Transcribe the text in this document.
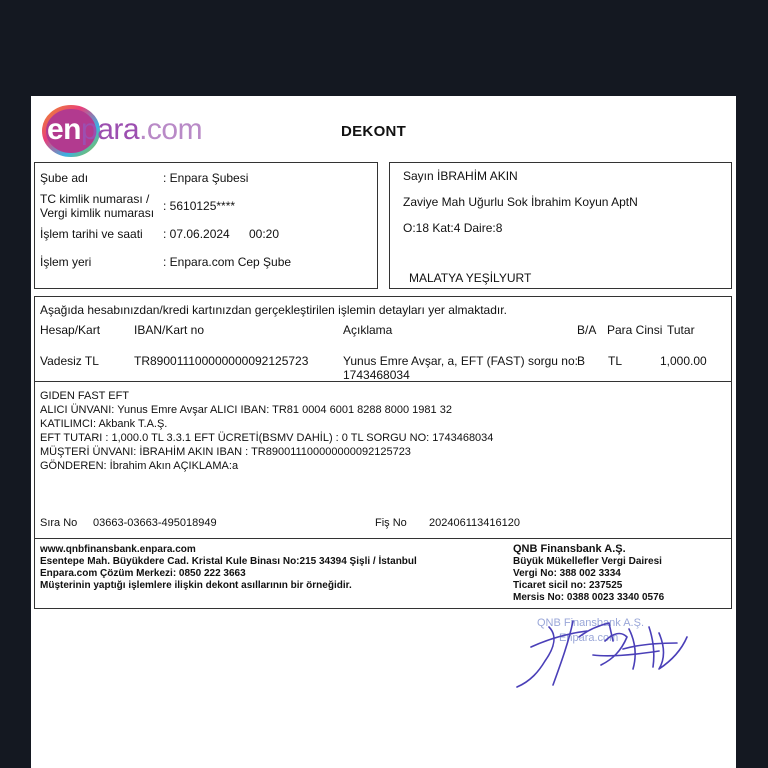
enpara.com	DEKONT
Şube adı	: Enpara Şubesi
TC kimlik numarası /
Vergi kimlik numarası : 5610125****
İşlem tarihi ve saati : 07.06.2024 00:20
İşlem yeri	: Enpara.com Cep Şube
Sayın İBRAHİM AKIN
Zaviye Mah Uğurlu Sok İbrahim Koyun AptN
O:18 Kat:4 Daire:8
MALATYA YEŞİLYURT
Aşağıda hesabınızdan/kredi kartınızdan gerçekleştirilen işlemin detayları yer almaktadır.
Hesap/Kart	IBAN/Kart no	Açıklama	B/A Para Cinsi Tutar
Vadesiz TL	TR890011100000000092125723	Yunus Emre Avşar, a, EFT (FAST) sorgu no:
1743468034
B TL	1,000.00
GIDEN FAST EFT
ALICI ÜNVANI: Yunus Emre Avşar ALICI IBAN: TR81 0004 6001 8288 8000 1981 32
KATILIMCI: Akbank T.A.Ş.
EFT TUTARI : 1,000.0 TL 3.3.1 EFT ÜCRETİ(BSMV DAHİL) : 0 TL SORGU NO: 1743468034
MÜŞTERİ ÜNVANI: İBRAHİM AKIN IBAN : TR890011100000000092125723
GÖNDEREN: İbrahim Akın AÇIKLAMA:a
Sıra No 03663-03663-495018949	Fiş No 202406113416120
www.qnbfinansbank.enpara.com
Esentepe Mah. Büyükdere Cad. Kristal Kule Binası No:215 34394 Şişli / İstanbul
Enpara.com Çözüm Merkezi: 0850 222 3663
Müşterinin yaptığı işlemlere ilişkin dekont asıllarının bir örneğidir.
QNB Finansbank A.Ş.
Büyük Mükellefler Vergi Dairesi
Vergi No: 388 002 3334
Ticaret sicil no: 237525
Mersis No: 0388 0023 3340 0576
QNB Finansbank A.Ş.
Enpara.com
